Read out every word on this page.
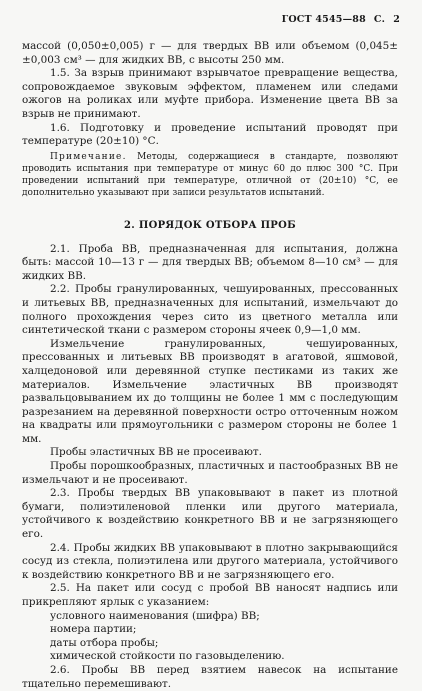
ГОСТ 4545—88 С. 2

массой (0,050±0,005) г — для твердых ВВ или объемом (0,045± ±0,003 см³ — для жидких ВВ, с высоты 250 мм.

1.5. За взрыв принимают взрывчатое превращение вещества, сопровождаемое звуковым эффектом, пламенем или следами ожогов на роликах или муфте прибора. Изменение цвета ВВ за взрыв не принимают.

1.6. Подготовку и проведение испытаний проводят при температуре (20±10) °С.

Примечание. Методы, содержащиеся в стандарте, позволяют проводить испытания при температуре от минус 60 до плюс 300 °С. При проведении испытаний при температуре, отличной от (20±10) °С, ее дополнительно указывают при записи результатов испытаний.

2. ПОРЯДОК ОТБОРА ПРОБ

2.1. Проба ВВ, предназначенная для испытания, должна быть: массой 10—13 г — для твердых ВВ; объемом 8—10 см³ — для жидких ВВ.

2.2. Пробы гранулированных, чешуированных, прессованных и литьевых ВВ, предназначенных для испытаний, измельчают до полного прохождения через сито из цветного металла или синтетической ткани с размером стороны ячеек 0,9—1,0 мм.

Измельчение гранулированных, чешуированных, прессованных и литьевых ВВ производят в агатовой, яшмовой, халцедоновой или деревянной ступке пестиками из таких же материалов. Измельчение эластичных ВВ производят развальцовыванием их до толщины не более 1 мм с последующим разрезанием на деревянной поверхности остро отточенным ножом на квадраты или прямоугольники с размером стороны не более 1 мм.

Пробы эластичных ВВ не просеивают.

Пробы порошкообразных, пластичных и пастообразных ВВ не измельчают и не просеивают.

2.3. Пробы твердых ВВ упаковывают в пакет из плотной бумаги, полиэтиленовой пленки или другого материала, устойчивого к воздействию конкретного ВВ и не загрязняющего его.

2.4. Пробы жидких ВВ упаковывают в плотно закрывающийся сосуд из стекла, полиэтилена или другого материала, устойчивого к воздействию конкретного ВВ и не загрязняющего его.

2.5. На пакет или сосуд с пробой ВВ наносят надпись или прикрепляют ярлык с указанием:

условного наименования (шифра) ВВ;

номера партии;

даты отбора пробы;

химической стойкости по газовыделению.

2.6. Пробы ВВ перед взятием навесок на испытание тщательно перемешивают.
